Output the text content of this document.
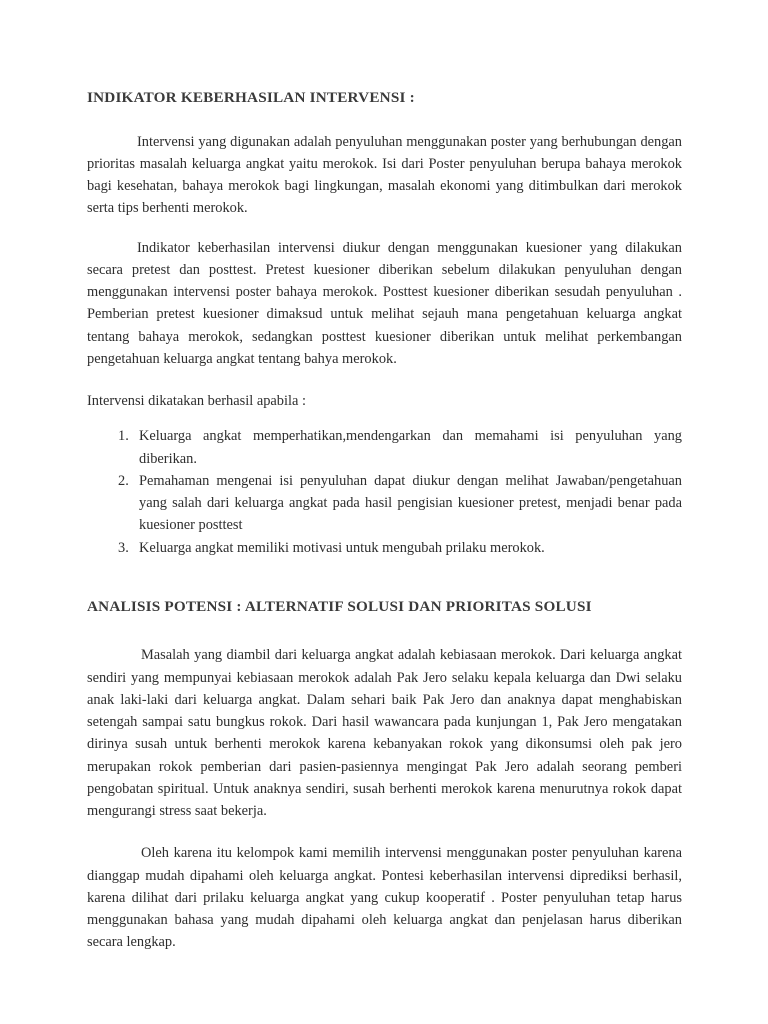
INDIKATOR KEBERHASILAN INTERVENSI :

Intervensi yang digunakan adalah penyuluhan menggunakan poster yang berhubungan dengan prioritas masalah keluarga angkat yaitu merokok. Isi dari Poster penyuluhan berupa bahaya merokok bagi kesehatan, bahaya merokok bagi lingkungan, masalah ekonomi yang ditimbulkan dari merokok serta tips berhenti merokok.

Indikator keberhasilan intervensi diukur dengan menggunakan kuesioner yang dilakukan secara pretest dan posttest. Pretest kuesioner diberikan sebelum dilakukan penyuluhan dengan menggunakan intervensi poster bahaya merokok. Posttest kuesioner diberikan sesudah penyuluhan . Pemberian pretest kuesioner dimaksud untuk melihat sejauh mana pengetahuan keluarga angkat tentang bahaya merokok, sedangkan posttest kuesioner diberikan untuk melihat perkembangan pengetahuan keluarga angkat tentang bahya merokok.

Intervensi dikatakan berhasil apabila :

1. Keluarga angkat memperhatikan,mendengarkan dan memahami isi penyuluhan yang diberikan.
2. Pemahaman mengenai isi penyuluhan dapat diukur dengan melihat Jawaban/pengetahuan yang salah dari keluarga angkat pada hasil pengisian kuesioner pretest, menjadi benar pada kuesioner posttest
3. Keluarga angkat memiliki motivasi untuk mengubah prilaku merokok.
ANALISIS POTENSI : ALTERNATIF SOLUSI DAN PRIORITAS SOLUSI

Masalah yang diambil dari keluarga angkat adalah kebiasaan merokok. Dari keluarga angkat sendiri yang mempunyai kebiasaan merokok adalah Pak Jero selaku kepala keluarga dan Dwi selaku anak laki-laki dari keluarga angkat. Dalam sehari baik Pak Jero dan anaknya dapat menghabiskan setengah sampai satu bungkus rokok. Dari hasil wawancara pada kunjungan 1, Pak Jero mengatakan dirinya susah untuk berhenti merokok karena kebanyakan rokok yang dikonsumsi oleh pak jero merupakan rokok pemberian dari pasien-pasiennya mengingat Pak Jero adalah seorang pemberi pengobatan spiritual. Untuk anaknya sendiri, susah berhenti merokok karena menurutnya rokok dapat mengurangi stress saat bekerja.

Oleh karena itu kelompok kami memilih intervensi menggunakan poster penyuluhan karena dianggap mudah dipahami oleh keluarga angkat. Pontesi keberhasilan intervensi diprediksi berhasil, karena dilihat dari prilaku keluarga angkat yang cukup kooperatif . Poster penyuluhan tetap harus menggunakan bahasa yang mudah dipahami oleh keluarga angkat dan penjelasan harus diberikan secara lengkap.
